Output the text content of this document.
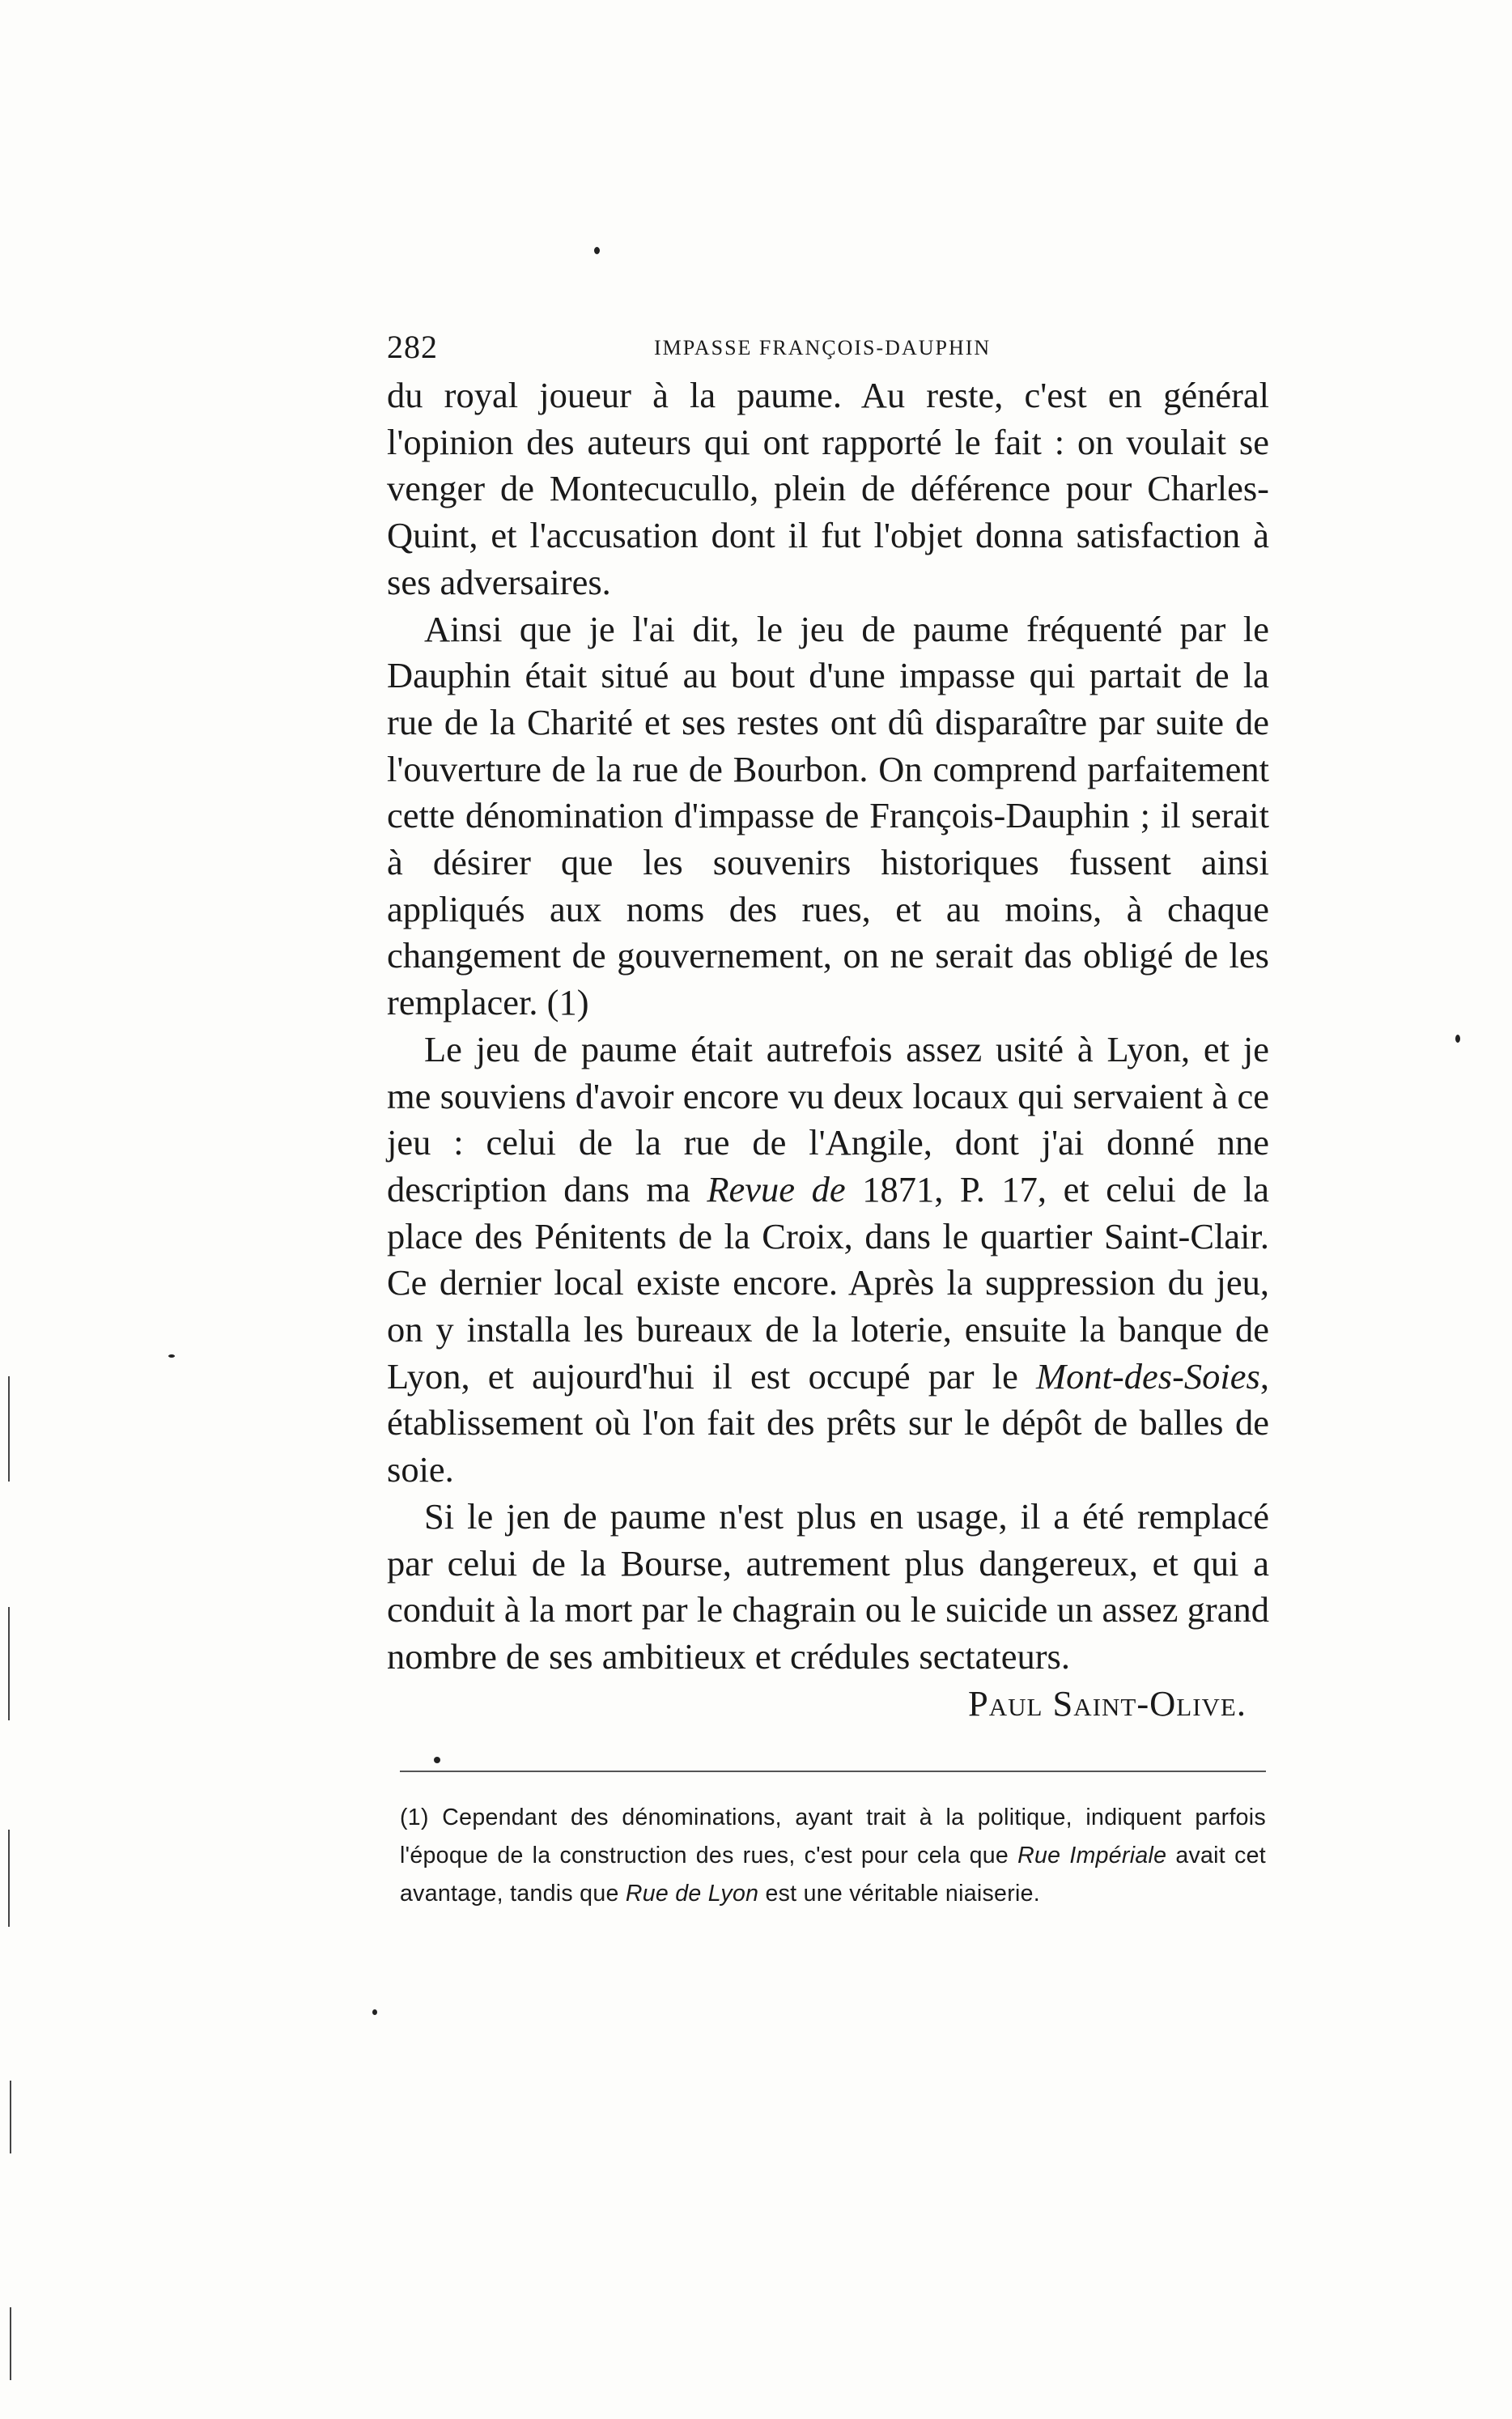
282	IMPASSE FRANÇOIS-DAUPHIN

du royal joueur à la paume. Au reste, c'est en général l'opinion des auteurs qui ont rapporté le fait : on voulait se venger de Montecucullo, plein de déférence pour Charles-Quint, et l'accusation dont il fut l'objet donna satisfaction à ses adversaires.

Ainsi que je l'ai dit, le jeu de paume fréquenté par le Dauphin était situé au bout d'une impasse qui partait de la rue de la Charité et ses restes ont dû disparaître par suite de l'ouverture de la rue de Bourbon. On comprend parfaitement cette dénomination d'impasse de François-Dauphin ; il serait à désirer que les souvenirs historiques fussent ainsi appliqués aux noms des rues, et au moins, à chaque changement de gouvernement, on ne serait das obligé de les remplacer. (1)

Le jeu de paume était autrefois assez usité à Lyon, et je me souviens d'avoir encore vu deux locaux qui servaient à ce jeu : celui de la rue de l'Angile, dont j'ai donné nne description dans ma Revue de 1871, P. 17, et celui de la place des Pénitents de la Croix, dans le quartier Saint-Clair. Ce dernier local existe encore. Après la suppression du jeu, on y installa les bureaux de la loterie, ensuite la banque de Lyon, et aujourd'hui il est occupé par le Mont-des-Soies, établissement où l'on fait des prêts sur le dépôt de balles de soie.

Si le jen de paume n'est plus en usage, il a été remplacé par celui de la Bourse, autrement plus dangereux, et qui a conduit à la mort par le chagrain ou le suicide un assez grand nombre de ses ambitieux et crédules sectateurs.
Paul Saint-Olive.

(1) Cependant des dénominations, ayant trait à la politique, indiquent parfois l'époque de la construction des rues, c'est pour cela que Rue Impériale avait cet avantage, tandis que Rue de Lyon est une véritable niaiserie.
